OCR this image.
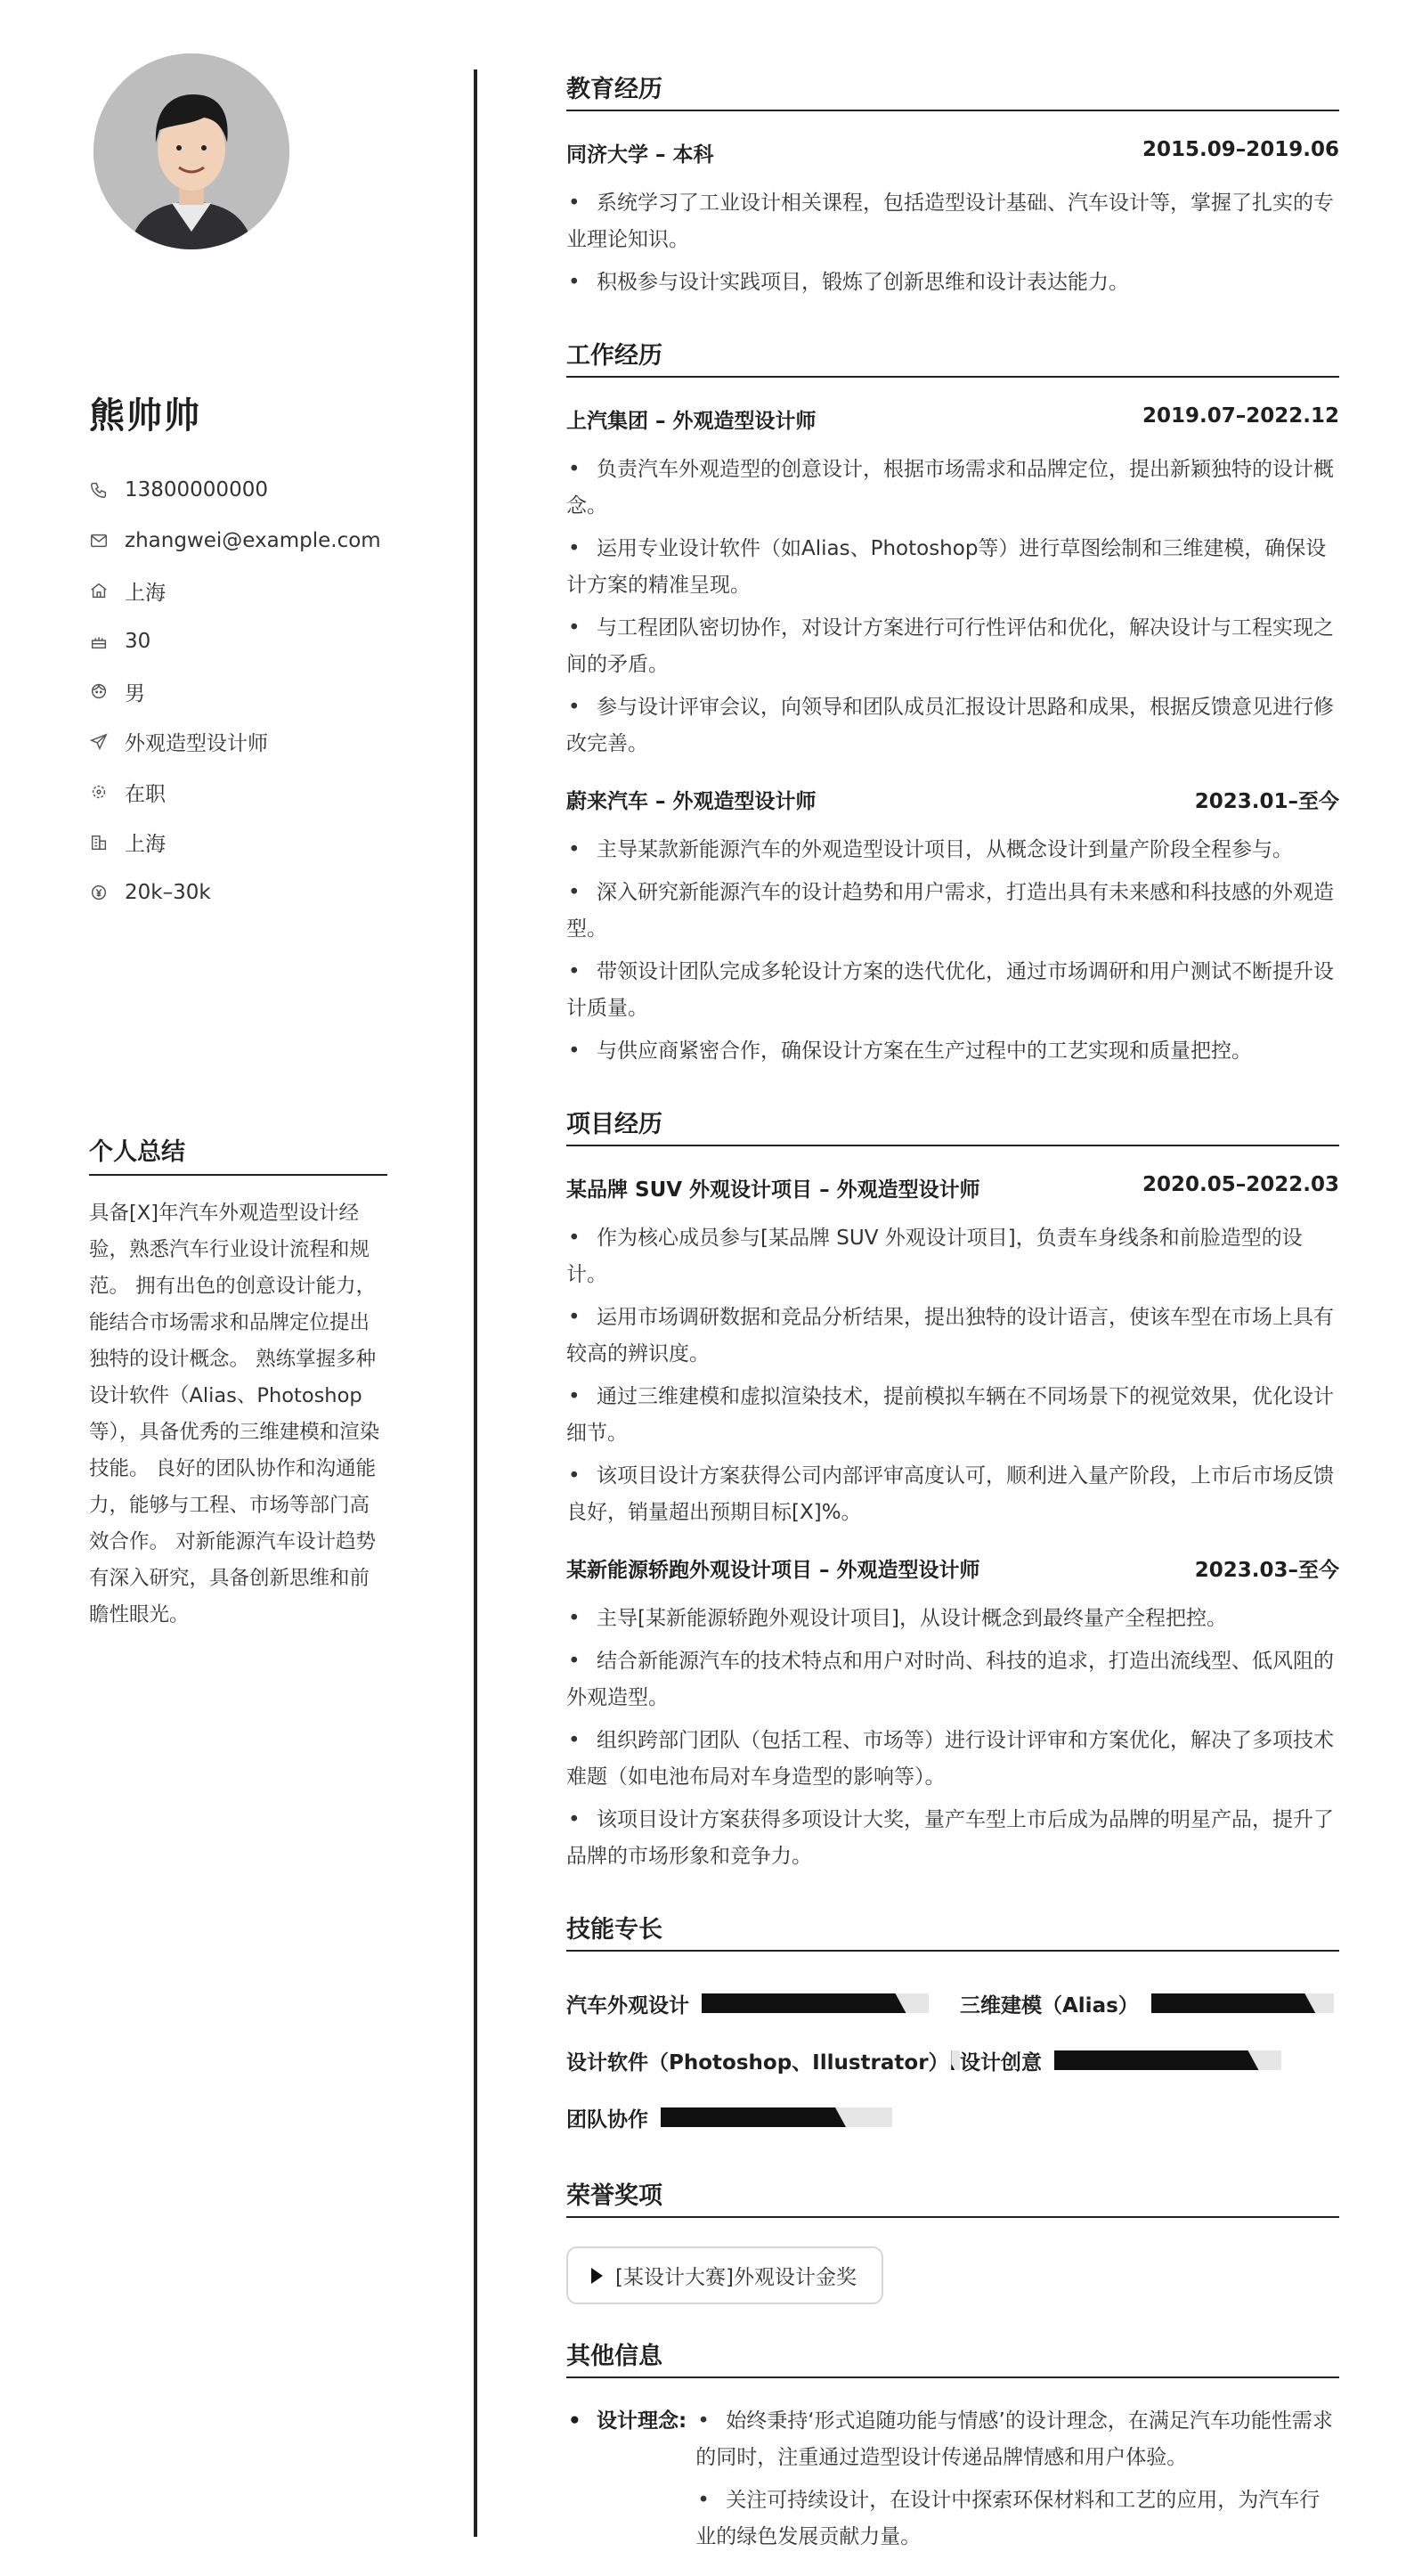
熊帅帅
13800000000
zhangwei@example.com
上海
30
男
外观造型设计师
在职
上海
20k–30k
个人总结
具备[X]年汽车外观造型设计经验，熟悉汽车行业设计流程和规范。 拥有出色的创意设计能力，能结合市场需求和品牌定位提出独特的设计概念。 熟练掌握多种设计软件（Alias、Photoshop等），具备优秀的三维建模和渲染技能。 良好的团队协作和沟通能力，能够与工程、市场等部门高效合作。 对新能源汽车设计趋势有深入研究，具备创新思维和前瞻性眼光。
教育经历
同济大学 – 本科	2015.09–2019.06
• 系统学习了工业设计相关课程，包括造型设计基础、汽车设计等，掌握了扎实的专业理论知识。
• 积极参与设计实践项目，锻炼了创新思维和设计表达能力。
工作经历
上汽集团 – 外观造型设计师	2019.07–2022.12
• 负责汽车外观造型的创意设计，根据市场需求和品牌定位，提出新颖独特的设计概念。
• 运用专业设计软件（如Alias、Photoshop等）进行草图绘制和三维建模，确保设计方案的精准呈现。
• 与工程团队密切协作，对设计方案进行可行性评估和优化，解决设计与工程实现之间的矛盾。
• 参与设计评审会议，向领导和团队成员汇报设计思路和成果，根据反馈意见进行修改完善。
蔚来汽车 – 外观造型设计师	2023.01–至今
• 主导某款新能源汽车的外观造型设计项目，从概念设计到量产阶段全程参与。
• 深入研究新能源汽车的设计趋势和用户需求，打造出具有未来感和科技感的外观造型。
• 带领设计团队完成多轮设计方案的迭代优化，通过市场调研和用户测试不断提升设计质量。
• 与供应商紧密合作，确保设计方案在生产过程中的工艺实现和质量把控。
项目经历
某品牌 SUV 外观设计项目 – 外观造型设计师	2020.05–2022.03
• 作为核心成员参与[某品牌 SUV 外观设计项目]，负责车身线条和前脸造型的设计。
• 运用市场调研数据和竞品分析结果，提出独特的设计语言，使该车型在市场上具有较高的辨识度。
• 通过三维建模和虚拟渲染技术，提前模拟车辆在不同场景下的视觉效果，优化设计细节。
• 该项目设计方案获得公司内部评审高度认可，顺利进入量产阶段，上市后市场反馈良好，销量超出预期目标[X]%。
某新能源轿跑外观设计项目 – 外观造型设计师	2023.03–至今
• 主导[某新能源轿跑外观设计项目]，从设计概念到最终量产全程把控。
• 结合新能源汽车的技术特点和用户对时尚、科技的追求，打造出流线型、低风阻的外观造型。
• 组织跨部门团队（包括工程、市场等）进行设计评审和方案优化，解决了多项技术难题（如电池布局对车身造型的影响等）。
• 该项目设计方案获得多项设计大奖，量产车型上市后成为品牌的明星产品，提升了品牌的市场形象和竞争力。
技能专长
汽车外观设计	三维建模（Alias）
设计软件（Photoshop、Illustrator） 设计创意
团队协作
荣誉奖项
[某设计大赛]外观设计金奖
其他信息
• 设计理念:
•	始终秉持‘形式追随功能与情感’的设计理念，在满足汽车功能性需求的同时，注重通过造型设计传递品牌情感和用户体验。
• 关注可持续设计，在设计中探索环保材料和工艺的应用，为汽车行业的绿色发展贡献力量。
